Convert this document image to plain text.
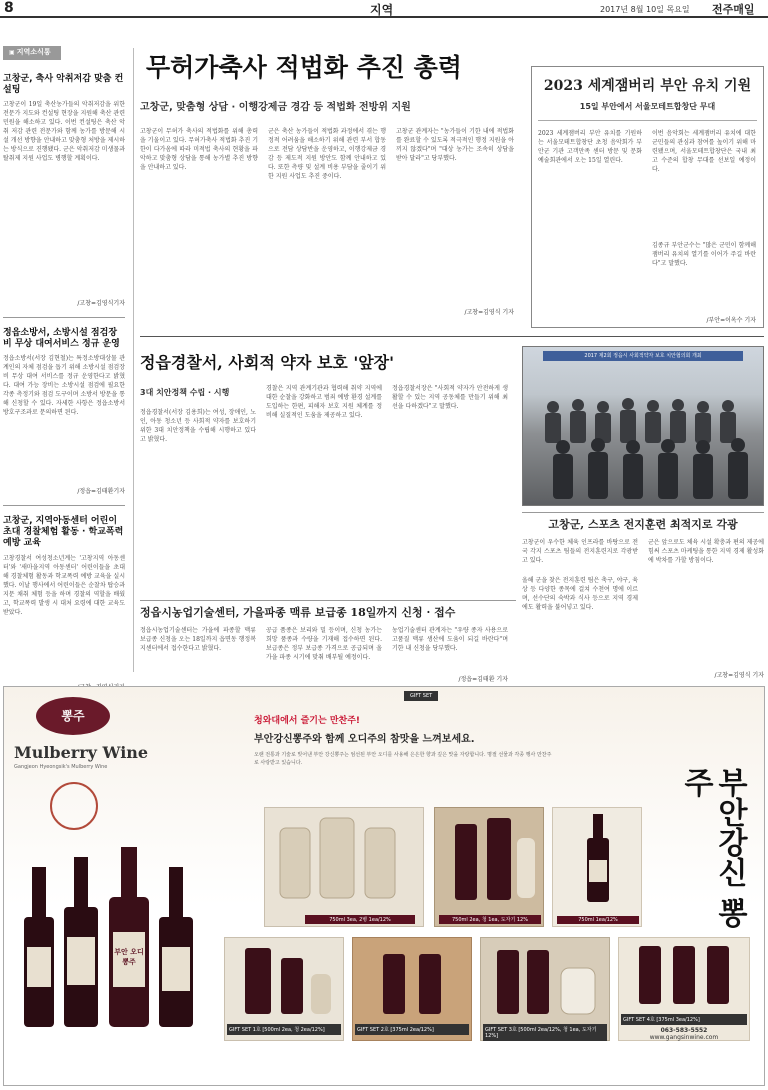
8	지역	2017년 8월 10일 목요일 전주매일
▣ 지역소식통
고창군, 축사 악취저감 맞춤 컨설팅
고창군이 19일 축산농가들의 악취저감을 위한 전문가 지도와 컨설팅 현장을 지원해 축산 관련 민원을 해소하고 있다. 이번 컨설팅은 축산 악취 저감 관련 전문가와 함께 농가를 방문해 시설 개선 방향을 안내하고 맞춤형 처방을 제시하는 방식으로 진행됐다. 군은 악취저감 미생물과 탈취제 지원 사업도 병행할 계획이다.
/고창=김영식기자
정읍소방서, 소방시설 점검장비 무상 대여서비스 정규 운영
정읍소방서(서장 김현철)는 특정소방대상물 관계인의 자체 점검을 돕기 위해 소방시설 점검장비 무상 대여 서비스를 정규 운영한다고 밝혔다. 대여 가능 장비는 소방시설 점검에 필요한 각종 측정기와 점검 도구이며 소방서 방문을 통해 신청할 수 있다. 자세한 사항은 정읍소방서 방호구조과로 문의하면 된다.
/정읍=김태환기자
고창군, 지역아동센터 어린이 초대 경찰체험 활동 · 학교폭력예방 교육
고창경찰서 여성청소년계는 '고창지역 아동센터'와 '새마을지역 아동센터' 어린이들을 초대해 경찰체험 활동과 학교폭력 예방 교육을 실시했다. 이날 행사에서 어린이들은 순찰차 탑승과 지문 채취 체험 등을 하며 경찰의 역할을 배웠고, 학교폭력 발생 시 대처 요령에 대한 교육도 받았다.
무허가축사 적법화 추진 총력
고창군, 맞춤형 상담 · 이행강제금 경감 등 적법화 전방위 지원
고창군이 무허가 축사의 적법화를 위해 총력을 기울이고 있다. 무허가축사 적법화 추진 기한이 다가옴에 따라 미적법 축사의 현황을 파악하고 맞춤형 상담을 통해 농가별 추진 방향을 안내하고 있다.
군은 축산 농가들이 적법화 과정에서 겪는 행정적 어려움을 해소하기 위해 관련 부서 합동으로 전담 상담반을 운영하고, 이행강제금 경감 등 제도적 지원 방안도 함께 안내하고 있다. 또한 측량 및 설계 비용 부담을 줄이기 위한 지원 사업도 추진 중이다.
고창군 관계자는 "농가들이 기한 내에 적법화를 완료할 수 있도록 적극적인 행정 지원을 아끼지 않겠다"며 "대상 농가는 조속히 상담을 받아 달라"고 당부했다.
/고창=김영식 기자
2023 세계잼버리 부안 유치 기원
15일 부안에서 서울모테트합창단 무대
2023 세계잼버리 부안 유치를 기원하는 서울모테트합창단 초청 음악회가 부안군 기관 고객만족 센터 방문 및 문화예술회관에서 오는 15일 열린다.
이번 음악회는 세계잼버리 유치에 대한 군민들의 관심과 참여를 높이기 위해 마련됐으며, 서울모테트합창단은 국내 최고 수준의 합창 무대를 선보일 예정이다.
김종규 부안군수는 "많은 군민이 함께해 잼버리 유치의 열기를 이어가 주길 바란다"고 말했다.
/부안=이옥수 기자
정읍경찰서, 사회적 약자 보호 '앞장'
3대 치안정책 수립 · 시행
정읍경찰서(서장 김용희)는 여성, 장애인, 노인, 아동 청소년 등 사회적 약자를 보호하기 위한 3대 치안정책을 수립해 시행하고 있다고 밝혔다.
경찰은 지역 관계기관과 협력해 취약 지역에 대한 순찰을 강화하고 범죄 예방 환경 설계를 도입하는 한편, 피해자 보호 지원 체계를 정비해 실질적인 도움을 제공하고 있다.
정읍경찰서장은 "사회적 약자가 안전하게 생활할 수 있는 지역 공동체를 만들기 위해 최선을 다하겠다"고 말했다.
2017 제2회 정읍시 사회적약자 보호 치안협의회 개최
고창군, 스포츠 전지훈련 최적지로 각광
고창군이 우수한 체육 인프라를 바탕으로 전국 각지 스포츠 팀들의 전지훈련지로 각광받고 있다.
올해 군을 찾은 전지훈련 팀은 축구, 야구, 육상 등 다양한 종목에 걸쳐 수천여 명에 이르며, 선수단의 숙박과 식사 등으로 지역 경제에도 활력을 불어넣고 있다.
군은 앞으로도 체육 시설 확충과 편의 제공에 힘써 스포츠 마케팅을 통한 지역 경제 활성화에 박차를 가할 방침이다.
/고창=김영식 기자
정읍시농업기술센터, 가을파종 맥류 보급종 18일까지 신청 · 접수
정읍시농업기술센터는 가을에 파종할 맥류 보급종 신청을 오는 18일까지 읍면동 행정복지센터에서 접수한다고 밝혔다.
공급 품종은 보리와 밀 등이며, 신청 농가는 희망 품종과 수량을 기재해 접수하면 된다. 보급종은 정부 보급종 가격으로 공급되며 올 가을 파종 시기에 맞춰 배부될 예정이다.
농업기술센터 관계자는 "우량 종자 사용으로 고품질 맥류 생산에 도움이 되길 바란다"며 기한 내 신청을 당부했다.
/정읍=김태환 기자
뽕주
Mulberry Wine
Gangjeon Hyeongsik's Mulberry Wine
부안 오디 뽕주
GIFT SET
청와대에서 즐기는 만찬주!
부안강신뽕주와 함께 오디주의 참맛을 느껴보세요.
오랜 전통과 기술로 빚어낸 부안 강신뽕주는 엄선된 부안 오디를 사용해 은은한 향과 깊은 맛을 자랑합니다. 명절 선물과 각종 행사 만찬주로 사랑받고 있습니다.
750ml 3ea, 2병 1ea/12%	750ml 2ea, 청 1ea, 도자기 12%	750ml 1ea/12%	부안강신 뽕주
GIFT SET 1호 [500ml 2ea, 청 2ea/12%]	GIFT SET 2호 [375ml 2ea/12%]	GIFT SET 3호 [500ml 2ea/12%, 청 1ea, 도자기 12%]
GIFT SET 4호 [375ml 3ea/12%]
063-583-5552
www.gangsinwine.com
